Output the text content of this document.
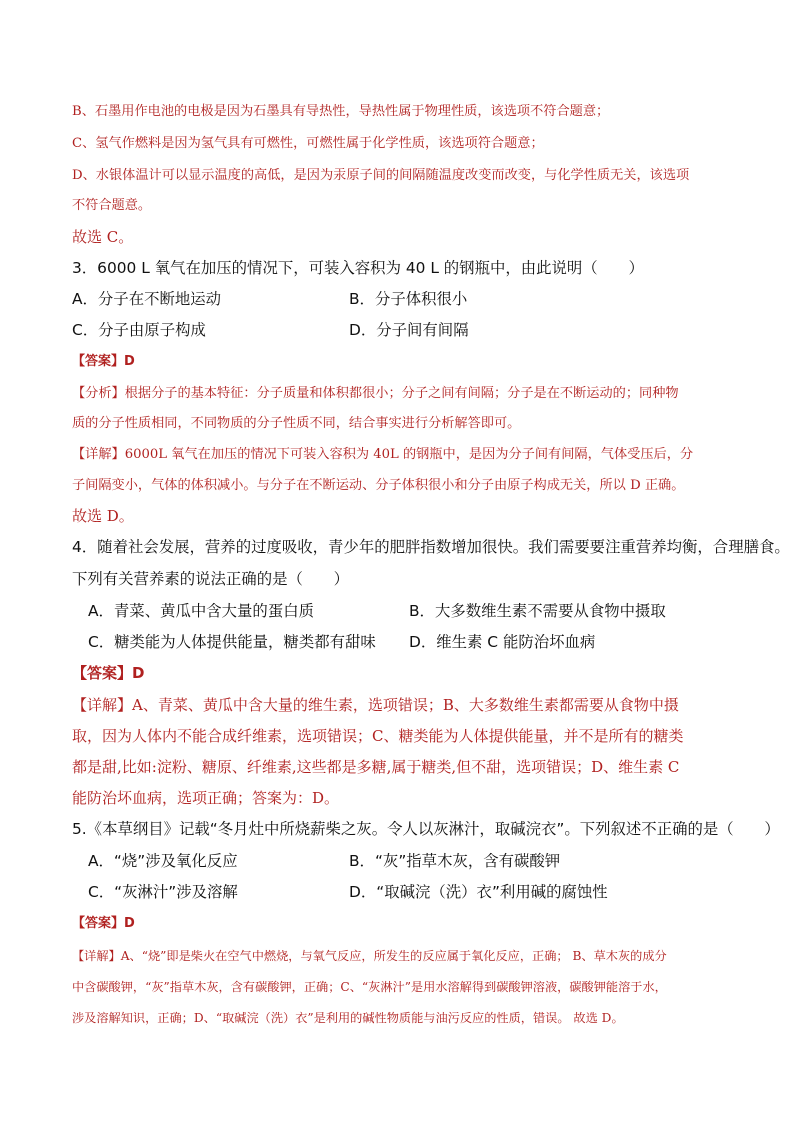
B、石墨用作电池的电极是因为石墨具有导热性，导热性属于物理性质，该选项不符合题意；
C、氢气作燃料是因为氢气具有可燃性，可燃性属于化学性质，该选项符合题意；
D、水银体温计可以显示温度的高低，是因为汞原子间的间隔随温度改变而改变，与化学性质无关，该选项
不符合题意。
故选 C。
3．6000 L 氧气在加压的情况下，可装入容积为 40 L 的钢瓶中，由此说明（　　）
A．分子在不断地运动	B．分子体积很小
C．分子由原子构成	D．分子间有间隔
【答案】D
【分析】根据分子的基本特征：分子质量和体积都很小；分子之间有间隔；分子是在不断运动的；同种物
质的分子性质相同，不同物质的分子性质不同，结合事实进行分析解答即可。
【详解】6000L 氧气在加压的情况下可装入容积为 40L 的钢瓶中，是因为分子间有间隔，气体受压后，分
子间隔变小，气体的体积减小。与分子在不断运动、分子体积很小和分子由原子构成无关，所以 D 正确。
故选 D。
4．随着社会发展，营养的过度吸收，青少年的肥胖指数增加很快。我们需要要注重营养均衡，合理膳食。
下列有关营养素的说法正确的是（　　）
A．青菜、黄瓜中含大量的蛋白质	B．大多数维生素不需要从食物中摄取
C．糖类能为人体提供能量，糖类都有甜味 D．维生素 C 能防治坏血病
【答案】D
【详解】A、青菜、黄瓜中含大量的维生素，选项错误；B、大多数维生素都需要从食物中摄
取，因为人体内不能合成纤维素，选项错误；C、糖类能为人体提供能量，并不是所有的糖类
都是甜,比如:淀粉、糖原、纤维素,这些都是多糖,属于糖类,但不甜，选项错误；D、维生素 C
能防治坏血病，选项正确；答案为：D。
5.《本草纲目》记载“冬月灶中所烧薪柴之灰。令人以灰淋汁，取碱浣衣”。下列叙述不正确的是（　　）
A．“烧”涉及氧化反应	B．“灰”指草木灰，含有碳酸钾
C．“灰淋汁”涉及溶解	D．“取碱浣（洗）衣”利用碱的腐蚀性
【答案】D
【详解】A、“烧”即是柴火在空气中燃烧，与氧气反应，所发生的反应属于氧化反应，正确； B、草木灰的成分
中含碳酸钾，“灰”指草木灰，含有碳酸钾，正确；C、“灰淋汁”是用水溶解得到碳酸钾溶液，碳酸钾能溶于水，
涉及溶解知识，正确；D、“取碱浣（洗）衣”是利用的碱性物质能与油污反应的性质，错误。 故选 D。
